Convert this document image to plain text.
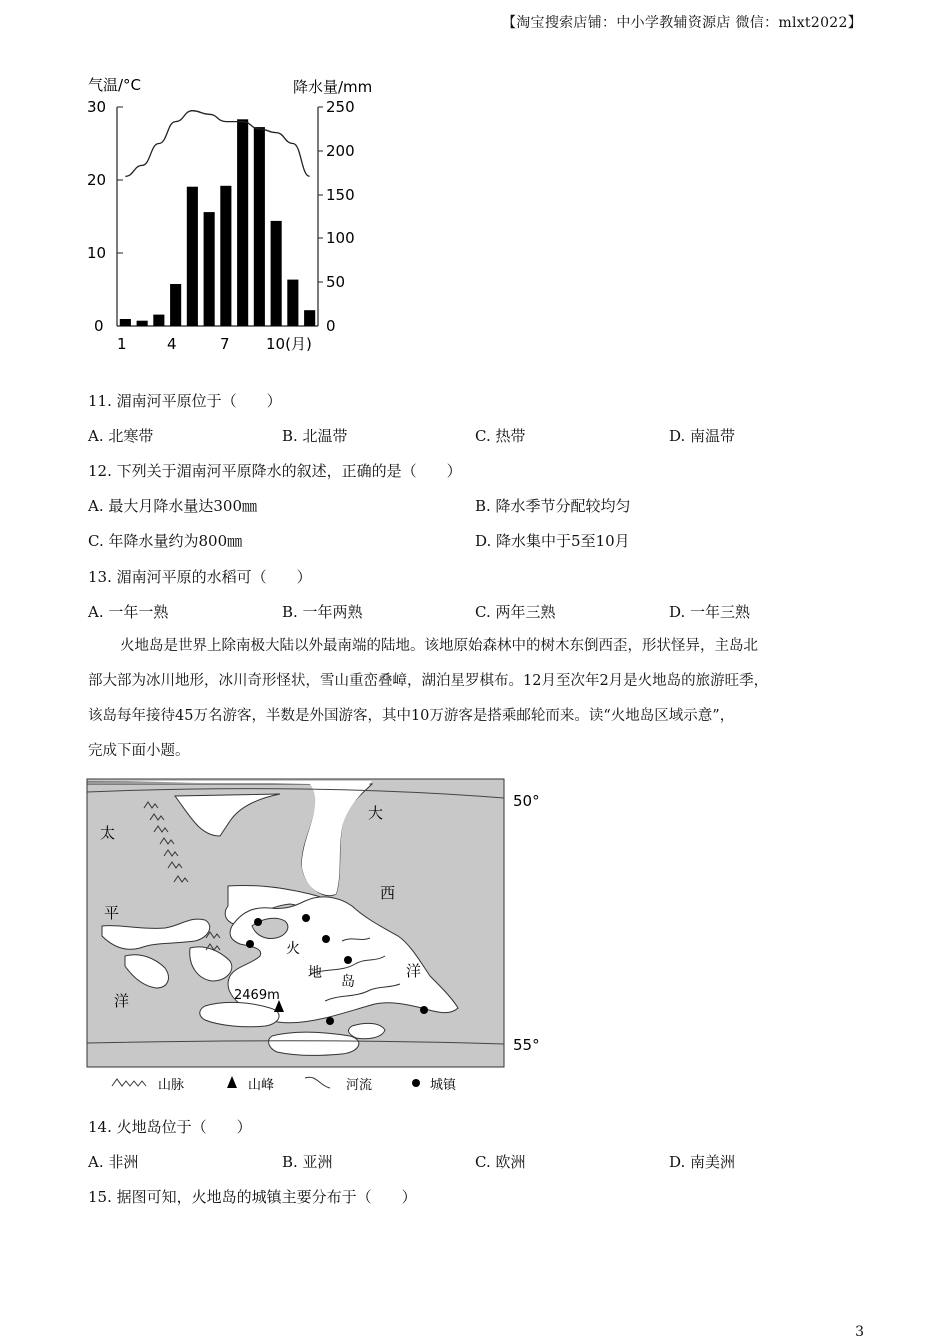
【淘宝搜索店铺：中小学教辅资源店 微信：mlxt2022】
气温/°C	降水量/mm
30
20
10
0
250
200
150
100
50
0
1	4	7 10(月)
11. 湄南河平原位于（　　）
A. 北寒带	B. 北温带	C. 热带	D. 南温带
12. 下列关于湄南河平原降水的叙述，正确的是（　　）
A. 最大月降水量达300㎜	B. 降水季节分配较均匀
C. 年降水量约为800㎜	D. 降水集中于5至10月
13. 湄南河平原的水稻可（　　）
A. 一年一熟	B. 一年两熟	C. 两年三熟	D. 一年三熟

火地岛是世界上除南极大陆以外最南端的陆地。该地原始森林中的树木东倒西歪，形状怪异，主岛北

部大部为冰川地形，冰川奇形怪状，雪山重峦叠嶂，湖泊星罗棋布。12月至次年2月是火地岛的旅游旺季，

该岛每年接待45万名游客，半数是外国游客，其中10万游客是搭乘邮轮而来。读“火地岛区域示意”，

完成下面小题。

2469m
太
平
洋
大
西
洋
火
地
岛
50°
55°
山脉	山峰	河流	城镇
14. 火地岛位于（　　）
A. 非洲	B. 亚洲	C. 欧洲	D. 南美洲
15. 据图可知，火地岛的城镇主要分布于（　　）
3
